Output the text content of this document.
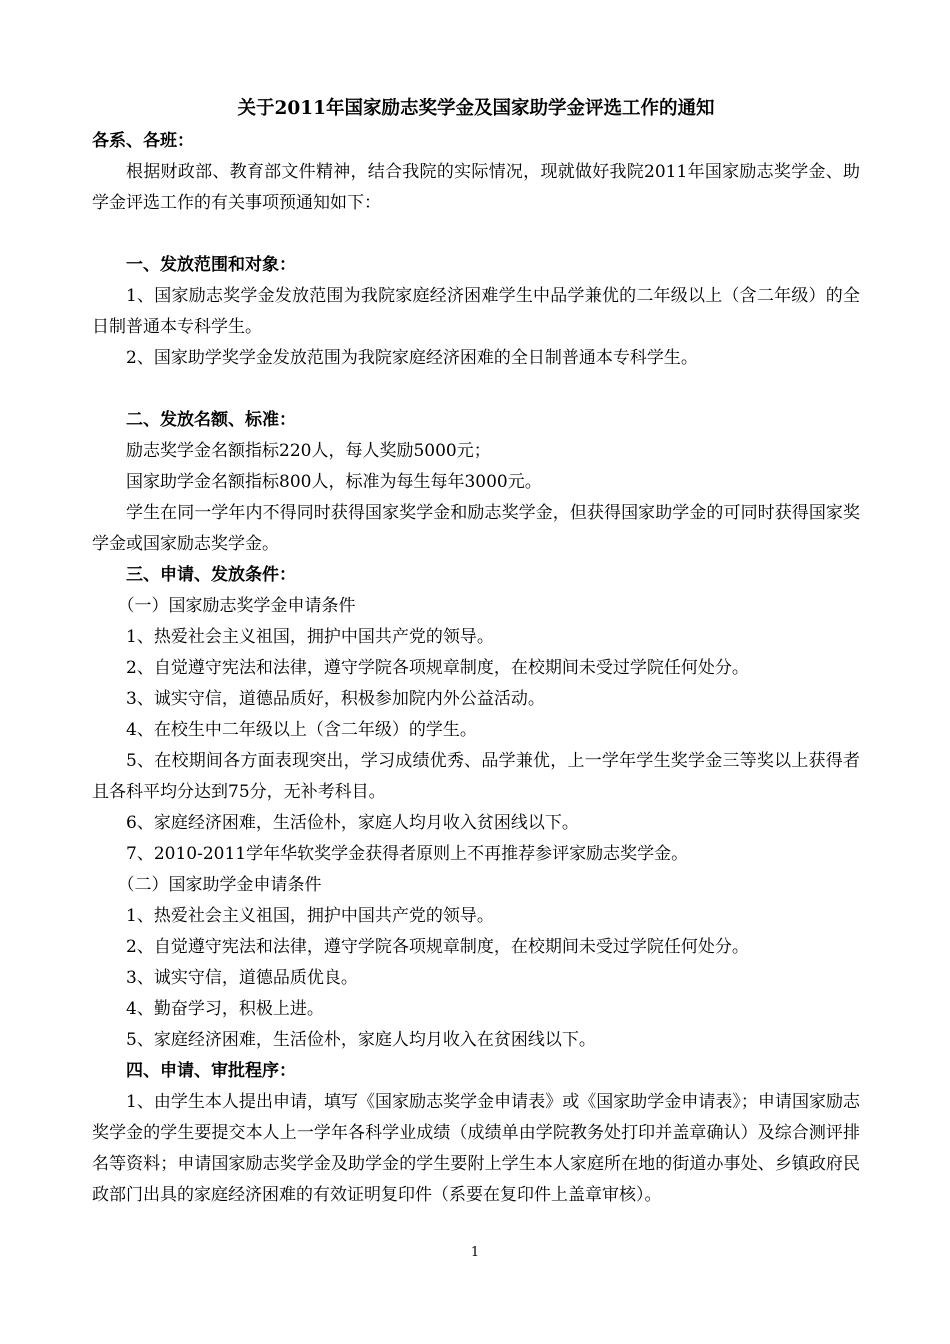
关于2011年国家励志奖学金及国家助学金评选工作的通知

各系、各班：

根据财政部、教育部文件精神，结合我院的实际情况，现就做好我院2011年国家励志奖学金、助学金评选工作的有关事项预通知如下：

一、发放范围和对象：

1、国家励志奖学金发放范围为我院家庭经济困难学生中品学兼优的二年级以上（含二年级）的全日制普通本专科学生。

2、国家助学奖学金发放范围为我院家庭经济困难的全日制普通本专科学生。

二、发放名额、标准：

励志奖学金名额指标220人，每人奖励5000元；

国家助学金名额指标800人，标准为每生每年3000元。

学生在同一学年内不得同时获得国家奖学金和励志奖学金，但获得国家助学金的可同时获得国家奖学金或国家励志奖学金。

三、申请、发放条件：

（一）国家励志奖学金申请条件

1、热爱社会主义祖国，拥护中国共产党的领导。

2、自觉遵守宪法和法律，遵守学院各项规章制度，在校期间未受过学院任何处分。

3、诚实守信，道德品质好，积极参加院内外公益活动。

4、在校生中二年级以上（含二年级）的学生。

5、在校期间各方面表现突出，学习成绩优秀、品学兼优，上一学年学生奖学金三等奖以上获得者且各科平均分达到75分，无补考科目。

6、家庭经济困难，生活俭朴，家庭人均月收入贫困线以下。

7、2010-2011学年华软奖学金获得者原则上不再推荐参评家励志奖学金。

（二）国家助学金申请条件

1、热爱社会主义祖国，拥护中国共产党的领导。

2、自觉遵守宪法和法律，遵守学院各项规章制度，在校期间未受过学院任何处分。

3、诚实守信，道德品质优良。

4、勤奋学习，积极上进。

5、家庭经济困难，生活俭朴，家庭人均月收入在贫困线以下。

四、申请、审批程序：

1、由学生本人提出申请，填写《国家励志奖学金申请表》或《国家助学金申请表》；申请国家励志奖学金的学生要提交本人上一学年各科学业成绩（成绩单由学院教务处打印并盖章确认）及综合测评排名等资料；申请国家励志奖学金及助学金的学生要附上学生本人家庭所在地的街道办事处、乡镇政府民政部门出具的家庭经济困难的有效证明复印件（系要在复印件上盖章审核）。

1
